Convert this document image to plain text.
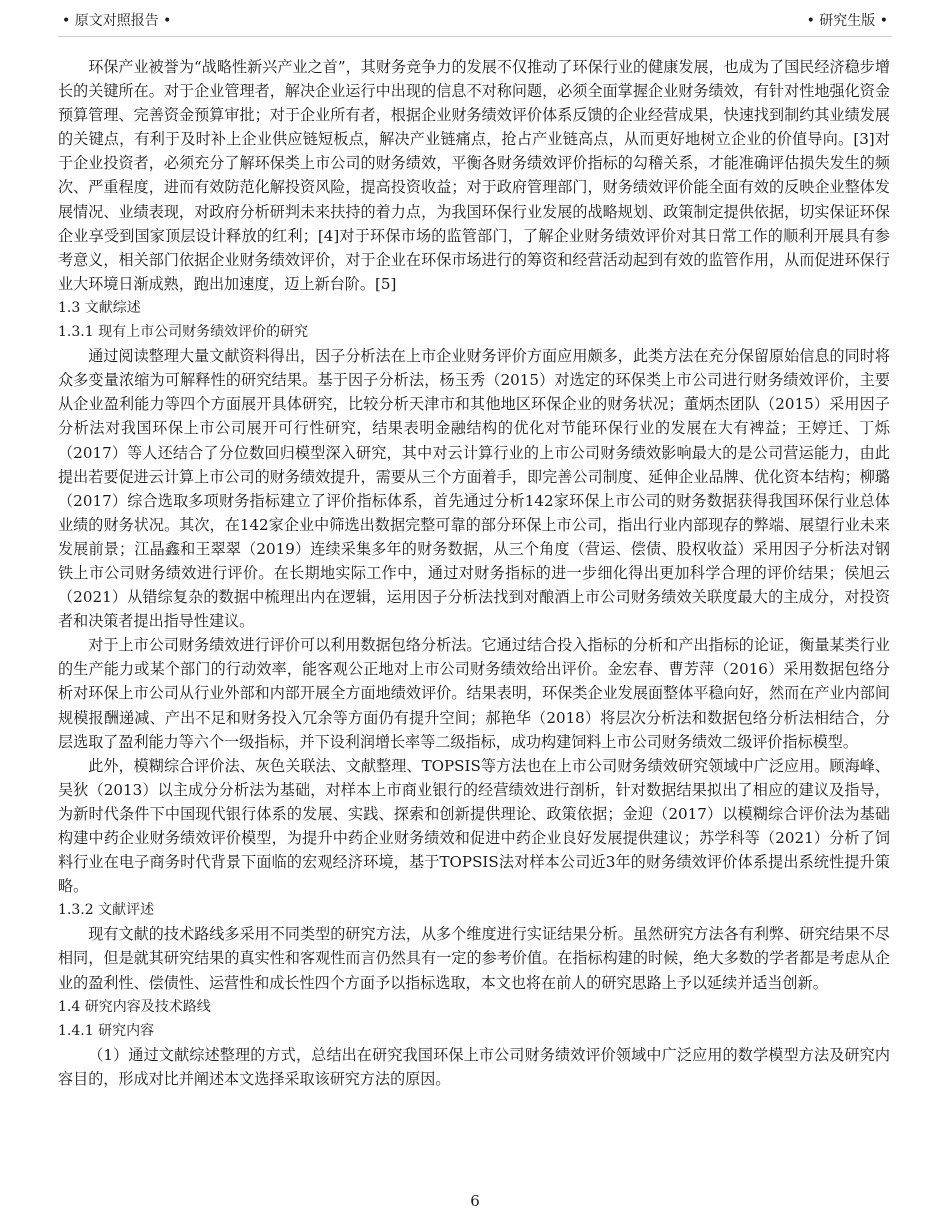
• 原文对照报告 •	• 研究生版 •

环保产业被誉为“战略性新兴产业之首”，其财务竞争力的发展不仅推动了环保行业的健康发展，也成为了国民经济稳步增长的关键所在。对于企业管理者，解决企业运行中出现的信息不对称问题，必须全面掌握企业财务绩效，有针对性地强化资金预算管理、完善资金预算审批；对于企业所有者，根据企业财务绩效评价体系反馈的企业经营成果，快速找到制约其业绩发展的关键点，有利于及时补上企业供应链短板点，解决产业链痛点，抢占产业链高点，从而更好地树立企业的价值导向。[3]对于企业投资者，必须充分了解环保类上市公司的财务绩效，平衡各财务绩效评价指标的勾稽关系，才能准确评估损失发生的频次、严重程度，进而有效防范化解投资风险，提高投资收益；对于政府管理部门，财务绩效评价能全面有效的反映企业整体发展情况、业绩表现，对政府分析研判未来扶持的着力点，为我国环保行业发展的战略规划、政策制定提供依据，切实保证环保企业享受到国家顶层设计释放的红利；[4]对于环保市场的监管部门，了解企业财务绩效评价对其日常工作的顺利开展具有参考意义，相关部门依据企业财务绩效评价，对于企业在环保市场进行的筹资和经营活动起到有效的监管作用，从而促进环保行业大环境日渐成熟，跑出加速度，迈上新台阶。[5]

1.3 文献综述

1.3.1 现有上市公司财务绩效评价的研究

通过阅读整理大量文献资料得出，因子分析法在上市企业财务评价方面应用颇多，此类方法在充分保留原始信息的同时将众多变量浓缩为可解释性的研究结果。基于因子分析法，杨玉秀（2015）对选定的环保类上市公司进行财务绩效评价，主要从企业盈利能力等四个方面展开具体研究，比较分析天津市和其他地区环保企业的财务状况；董炳杰团队（2015）采用因子分析法对我国环保上市公司展开可行性研究，结果表明金融结构的优化对节能环保行业的发展在大有裨益；王婷迁、丁烁（2017）等人还结合了分位数回归模型深入研究，其中对云计算行业的上市公司财务绩效影响最大的是公司营运能力，由此提出若要促进云计算上市公司的财务绩效提升，需要从三个方面着手，即完善公司制度、延伸企业品牌、优化资本结构；柳璐（2017）综合选取多项财务指标建立了评价指标体系，首先通过分析142家环保上市公司的财务数据获得我国环保行业总体业绩的财务状况。其次，在142家企业中筛选出数据完整可靠的部分环保上市公司，指出行业内部现存的弊端、展望行业未来发展前景；江晶鑫和王翠翠（2019）连续采集多年的财务数据，从三个角度（营运、偿债、股权收益）采用因子分析法对钢铁上市公司财务绩效进行评价。在长期地实际工作中，通过对财务指标的进一步细化得出更加科学合理的评价结果；侯旭云（2021）从错综复杂的数据中梳理出内在逻辑，运用因子分析法找到对酿酒上市公司财务绩效关联度最大的主成分，对投资者和决策者提出指导性建议。

对于上市公司财务绩效进行评价可以利用数据包络分析法。它通过结合投入指标的分析和产出指标的论证，衡量某类行业的生产能力或某个部门的行动效率，能客观公正地对上市公司财务绩效给出评价。金宏春、曹芳萍（2016）采用数据包络分析对环保上市公司从行业外部和内部开展全方面地绩效评价。结果表明，环保类企业发展面整体平稳向好，然而在产业内部间规模报酬递减、产出不足和财务投入冗余等方面仍有提升空间；郝艳华（2018）将层次分析法和数据包络分析法相结合，分层选取了盈利能力等六个一级指标，并下设利润增长率等二级指标，成功构建饲料上市公司财务绩效二级评价指标模型。

此外，模糊综合评价法、灰色关联法、文献整理、TOPSIS等方法也在上市公司财务绩效研究领域中广泛应用。顾海峰、吴狄（2013）以主成分分析法为基础，对样本上市商业银行的经营绩效进行剖析，针对数据结果拟出了相应的建议及指导，为新时代条件下中国现代银行体系的发展、实践、探索和创新提供理论、政策依据；金迎（2017）以模糊综合评价法为基础构建中药企业财务绩效评价模型，为提升中药企业财务绩效和促进中药企业良好发展提供建议；苏学科等（2021）分析了饲料行业在电子商务时代背景下面临的宏观经济环境，基于TOPSIS法对样本公司近3年的财务绩效评价体系提出系统性提升策略。

1.3.2 文献评述

现有文献的技术路线多采用不同类型的研究方法，从多个维度进行实证结果分析。虽然研究方法各有利弊、研究结果不尽相同，但是就其研究结果的真实性和客观性而言仍然具有一定的参考价值。在指标构建的时候，绝大多数的学者都是考虑从企业的盈利性、偿债性、运营性和成长性四个方面予以指标选取，本文也将在前人的研究思路上予以延续并适当创新。

1.4 研究内容及技术路线

1.4.1 研究内容

（1）通过文献综述整理的方式，总结出在研究我国环保上市公司财务绩效评价领域中广泛应用的数学模型方法及研究内容目的，形成对比并阐述本文选择采取该研究方法的原因。

6
